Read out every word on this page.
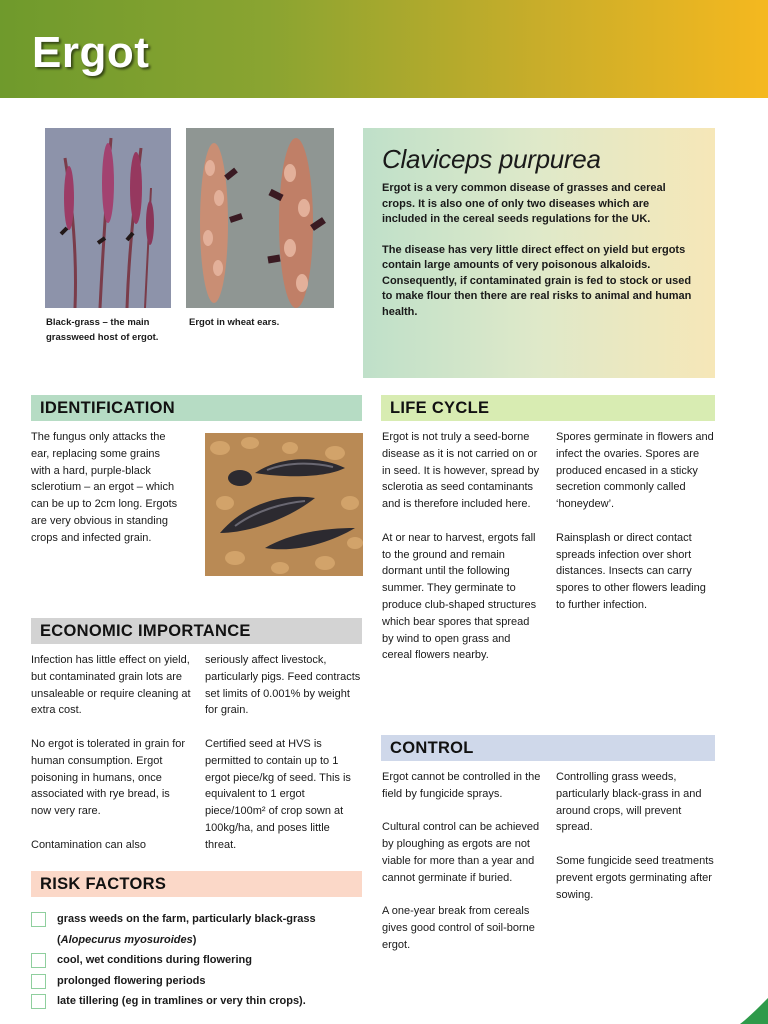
Ergot
Black-grass – the main grassweed host of ergot.
Ergot in wheat ears.
Claviceps purpurea

Ergot is a very common disease of grasses and cereal crops. It is also one of only two diseases which are included in the cereal seeds regulations for the UK.

The disease has very little direct effect on yield but ergots contain large amounts of very poisonous alkaloids. Consequently, if contaminated grain is fed to stock or used to make flour then there are real risks to animal and human health.

IDENTIFICATION

The fungus only attacks the ear, replacing some grains with a hard, purple-black sclerotium – an ergot – which can be up to 2cm long. Ergots are very obvious in standing crops and infected grain.

ECONOMIC IMPORTANCE

Infection has little effect on yield, but contaminated grain lots are unsaleable or require cleaning at extra cost.

No ergot is tolerated in grain for human consumption. Ergot poisoning in humans, once associated with rye bread, is now very rare.

Contamination can also

seriously affect livestock, particularly pigs. Feed contracts set limits of 0.001% by weight for grain.

Certified seed at HVS is permitted to contain up to 1 ergot piece/kg of seed. This is equivalent to 1 ergot piece/100m² of crop sown at 100kg/ha, and poses little threat.

RISK FACTORS
grass weeds on the farm, particularly black-grass
(Alopecurus myosuroides)
cool, wet conditions during flowering
prolonged flowering periods
late tillering (eg in tramlines or very thin crops).
LIFE CYCLE

Ergot is not truly a seed-borne disease as it is not carried on or in seed. It is however, spread by sclerotia as seed contaminants and is therefore included here.

At or near to harvest, ergots fall to the ground and remain dormant until the following summer. They germinate to produce club-shaped structures which bear spores that spread by wind to open grass and cereal flowers nearby.

Spores germinate in flowers and infect the ovaries. Spores are produced encased in a sticky secretion commonly called ‘honeydew’.

Rainsplash or direct contact spreads infection over short distances. Insects can carry spores to other flowers leading to further infection.

CONTROL

Ergot cannot be controlled in the field by fungicide sprays.

Cultural control can be achieved by ploughing as ergots are not viable for more than a year and cannot germinate if buried.

A one-year break from cereals gives good control of soil-borne ergot.

Controlling grass weeds, particularly black-grass in and around crops, will prevent spread.

Some fungicide seed treatments prevent ergots germinating after sowing.
